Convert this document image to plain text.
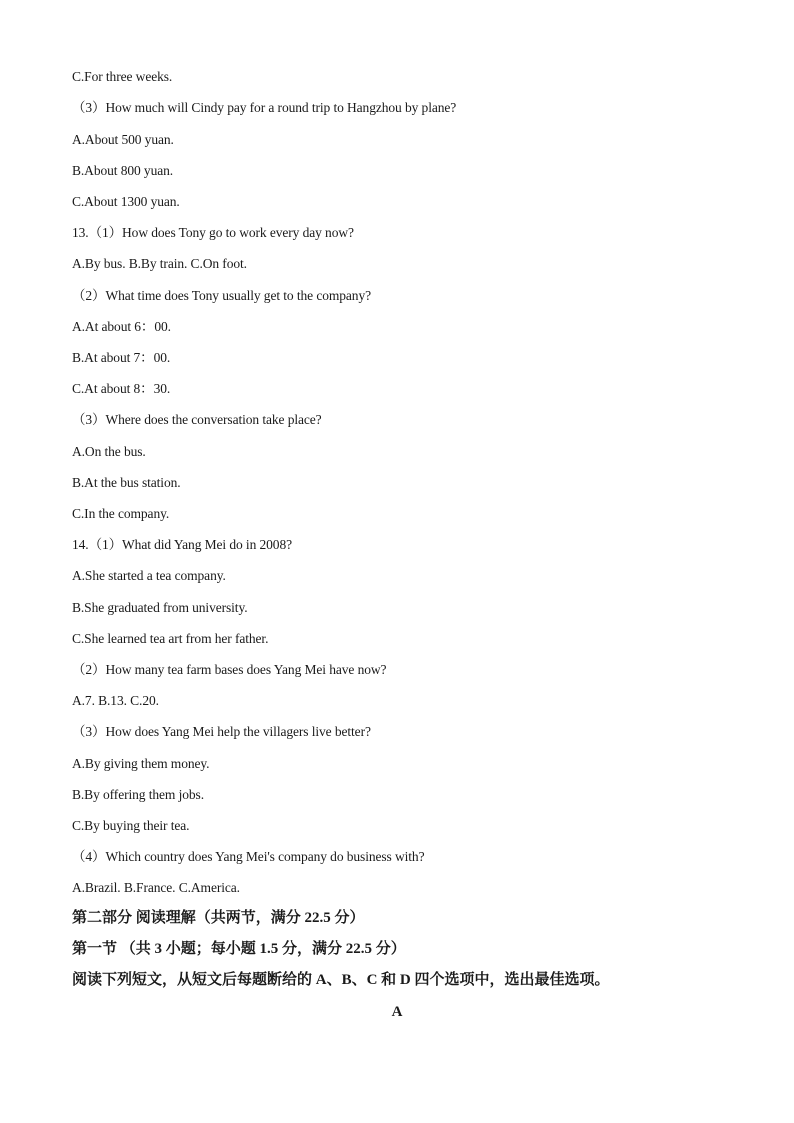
C.For three weeks.
（3）How much will Cindy pay for a round trip to Hangzhou by plane?
A.About 500 yuan.
B.About 800 yuan.
C.About 1300 yuan.
13.（1）How does Tony go to work every day now?
A.By bus. B.By train. C.On foot.
（2）What time does Tony usually get to the company?
A.At about 6：00.
B.At about 7：00.
C.At about 8：30.
（3）Where does the conversation take place?
A.On the bus.
B.At the bus station.
C.In the company.
14.（1）What did Yang Mei do in 2008?
A.She started a tea company.
B.She graduated from university.
C.She learned tea art from her father.
（2）How many tea farm bases does Yang Mei have now?
A.7. B.13. C.20.
（3）How does Yang Mei help the villagers live better?
A.By giving them money.
B.By offering them jobs.
C.By buying their tea.
（4）Which country does Yang Mei's company do business with?
A.Brazil. B.France. C.America.
第二部分 阅读理解（共两节，满分 22.5 分）
第一节 （共 3 小题；每小题 1.5 分，满分 22.5 分）
阅读下列短文，从短文后每题断给的 A、B、C 和 D 四个选项中，选出最佳选项。
A
